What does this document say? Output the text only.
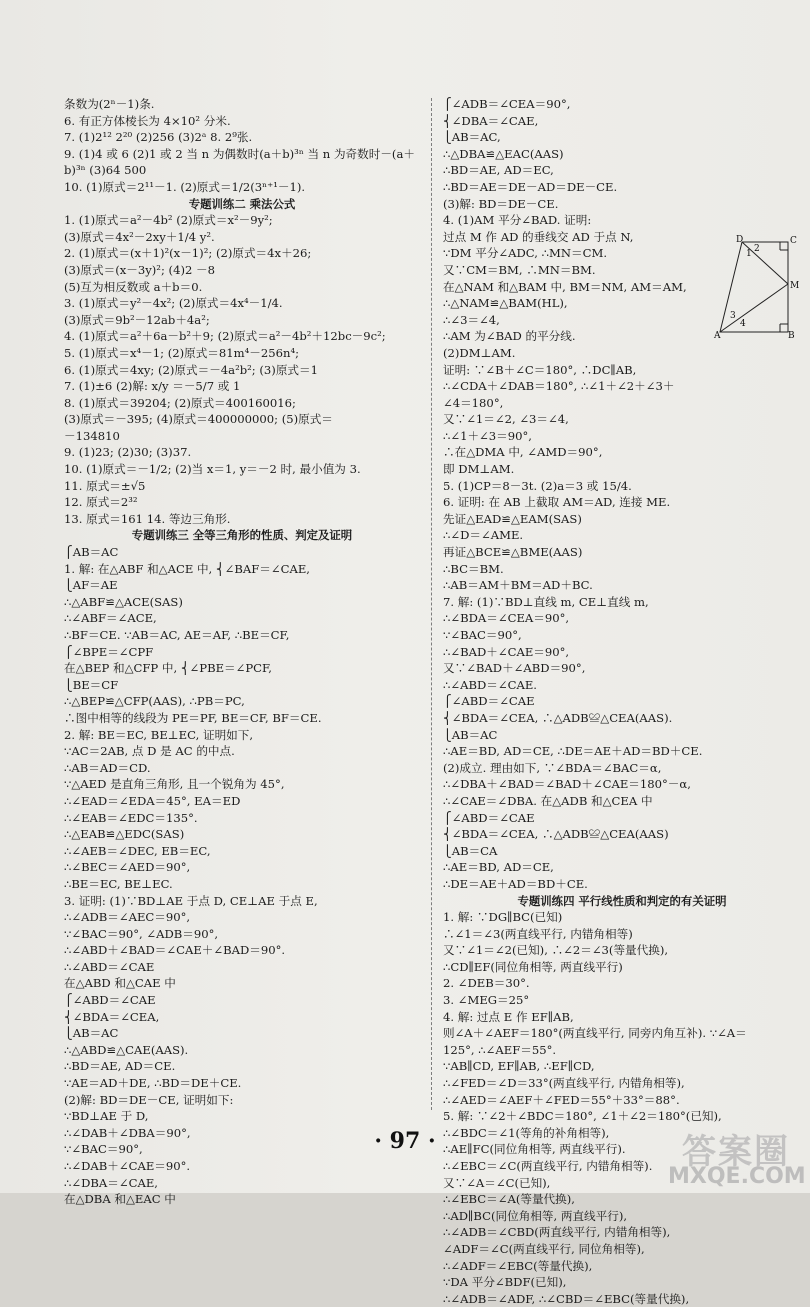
条数为(2ⁿ－1)条.
6. 有正方体棱长为 4×10² 分米.
7. (1)2¹² 2²⁰ (2)256 (3)2ᵃ 8. 2⁹张.
9. (1)4 或 6 (2)1 或 2 当 n 为偶数时(a＋b)³ⁿ 当 n 为奇数时－(a＋
b)³ⁿ (3)64 500
10. (1)原式＝2¹¹－1. (2)原式＝1/2(3ⁿ⁺¹－1).
专题训练二 乘法公式
1. (1)原式＝a²－4b² (2)原式＝x²－9y²;
(3)原式＝4x²－2xy＋1/4 y².
2. (1)原式＝(x＋1)²(x－1)²; (2)原式＝4x＋26;
(3)原式＝(x－3y)²; (4)2 －8
(5)互为相反数或 a＋b＝0.
3. (1)原式＝y²－4x²; (2)原式＝4x⁴－1/4.
(3)原式＝9b²－12ab＋4a²;
4. (1)原式＝a²＋6a－b²＋9; (2)原式＝a²－4b²＋12bc－9c²;
5. (1)原式＝x⁴－1; (2)原式＝81m⁴－256n⁴;
6. (1)原式＝4xy; (2)原式＝－4a²b²; (3)原式＝1
7. (1)±6 (2)解: x/y ＝－5/7 或 1
8. (1)原式＝39204; (2)原式＝400160016;
(3)原式＝－395; (4)原式＝400000000; (5)原式＝
－134810
9. (1)23; (2)30; (3)37.
10. (1)原式＝－1/2; (2)当 x＝1, y＝－2 时, 最小值为 3.
11. 原式＝±√5
12. 原式＝2³²
13. 原式＝161 14. 等边三角形.
专题训练三 全等三角形的性质、判定及证明
⎧AB＝AC
1. 解: 在△ABF 和△ACE 中, ⎨∠BAF＝∠CAE,
⎩AF＝AE
∴△ABF≌△ACE(SAS)
∴∠ABF＝∠ACE,
∴BF＝CE. ∵AB＝AC, AE＝AF, ∴BE＝CF,
⎧∠BPE＝∠CPF
在△BEP 和△CFP 中, ⎨∠PBE＝∠PCF,
⎩BE＝CF
∴△BEP≌△CFP(AAS), ∴PB＝PC,
∴图中相等的线段为 PE＝PF, BE＝CF, BF＝CE.
2. 解: BE＝EC, BE⊥EC, 证明如下,
∵AC＝2AB, 点 D 是 AC 的中点.
∴AB＝AD＝CD.
∵△AED 是直角三角形, 且一个锐角为 45°,
∴∠EAD＝∠EDA＝45°, EA＝ED
∴∠EAB＝∠EDC＝135°.
∴△EAB≌△EDC(SAS)
∴∠AEB＝∠DEC, EB＝EC,
∴∠BEC＝∠AED＝90°,
∴BE＝EC, BE⊥EC.
3. 证明: (1)∵BD⊥AE 于点 D, CE⊥AE 于点 E,
∴∠ADB＝∠AEC＝90°,
∵∠BAC＝90°, ∠ADB＝90°,
∴∠ABD＋∠BAD＝∠CAE＋∠BAD＝90°.
∴∠ABD＝∠CAE
在△ABD 和△CAE 中
⎧∠ABD＝∠CAE
⎨∠BDA＝∠CEA,
⎩AB＝AC
∴△ABD≌△CAE(AAS).
∴BD＝AE, AD＝CE.
∵AE＝AD＋DE, ∴BD＝DE＋CE.
(2)解: BD＝DE－CE, 证明如下:
∵BD⊥AE 于 D,
∴∠DAB＋∠DBA＝90°,
∵∠BAC＝90°,
∴∠DAB＋∠CAE＝90°.
∴∠DBA＝∠CAE,
在△DBA 和△EAC 中
⎧∠ADB＝∠CEA＝90°,
⎨∠DBA＝∠CAE,
⎩AB＝AC,
∴△DBA≌△EAC(AAS)
∴BD＝AE, AD＝EC,
∴BD＝AE＝DE－AD＝DE－CE.
(3)解: BD＝DE－CE.
4. (1)AM 平分∠BAD. 证明:
过点 M 作 AD 的垂线交 AD 于点 N,
∵DM 平分∠ADC, ∴MN＝CM.
又∵CM＝BM, ∴MN＝BM.
在△NAM 和△BAM 中, BM＝NM, AM＝AM,
∴△NAM≌△BAM(HL),
∴∠3＝∠4,
∴AM 为∠BAD 的平分线.
(2)DM⊥AM.
证明: ∵∠B＋∠C＝180°, ∴DC∥AB,
∴∠CDA＋∠DAB＝180°, ∴∠1＋∠2＋∠3＋
∠4＝180°,
又∵∠1＝∠2, ∠3＝∠4,
∴∠1＋∠3＝90°,
∴在△DMA 中, ∠AMD＝90°,
即 DM⊥AM.
5. (1)CP＝8－3t. (2)a＝3 或 15/4.
6. 证明: 在 AB 上截取 AM＝AD, 连接 ME.
先证△EAD≌△EAM(SAS)
∴∠D＝∠AME.
再证△BCE≌△BME(AAS)
∴BC＝BM.
∴AB＝AM＋BM＝AD＋BC.
7. 解: (1)∵BD⊥直线 m, CE⊥直线 m,
∴∠BDA＝∠CEA＝90°,
∵∠BAC＝90°,
∴∠BAD＋∠CAE＝90°,
又∵∠BAD＋∠ABD＝90°,
∴∠ABD＝∠CAE.
⎧∠ABD＝∠CAE
⎨∠BDA＝∠CEA, ∴△ADB≌△CEA(AAS).
⎩AB＝AC
∴AE＝BD, AD＝CE, ∴DE＝AE＋AD＝BD＋CE.
(2)成立. 理由如下, ∵∠BDA＝∠BAC＝α,
∴∠DBA＋∠BAD＝∠BAD＋∠CAE＝180°－α,
∴∠CAE＝∠DBA. 在△ADB 和△CEA 中
⎧∠ABD＝∠CAE
⎨∠BDA＝∠CEA, ∴△ADB≌△CEA(AAS)
⎩AB＝CA
∴AE＝BD, AD＝CE,
∴DE＝AE＋AD＝BD＋CE.
专题训练四 平行线性质和判定的有关证明
1. 解: ∵DG∥BC(已知)
∴∠1＝∠3(两直线平行, 内错角相等)
又∵∠1＝∠2(已知), ∴∠2＝∠3(等量代换),
∴CD∥EF(同位角相等, 两直线平行)
2. ∠DEB＝30°.
3. ∠MEG＝25°
4. 解: 过点 E 作 EF∥AB,
则∠A＋∠AEF＝180°(两直线平行, 同旁内角互补). ∵∠A＝
125°, ∴∠AEF＝55°.
∵AB∥CD, EF∥AB, ∴EF∥CD,
∴∠FED＝∠D＝33°(两直线平行, 内错角相等),
∴∠AED＝∠AEF＋∠FED＝55°＋33°＝88°.
5. 解: ∵∠2＋∠BDC＝180°, ∠1＋∠2＝180°(已知),
∴∠BDC＝∠1(等角的补角相等),
∴AE∥FC(同位角相等, 两直线平行).
∴∠EBC＝∠C(两直线平行, 内错角相等).
又∵∠A＝∠C(已知),
∴∠EBC＝∠A(等量代换),
∴AD∥BC(同位角相等, 两直线平行),
∴∠ADB＝∠CBD(两直线平行, 内错角相等),
∠ADF＝∠C(两直线平行, 同位角相等),
∴∠ADF＝∠EBC(等量代换),
∵DA 平分∠BDF(已知),
∴∠ADB＝∠ADF, ∴∠CBD＝∠EBC(等量代换),
D	C
1 2
M
3
4
A	B
· 97 ·	答案圈
MXQE.COM
